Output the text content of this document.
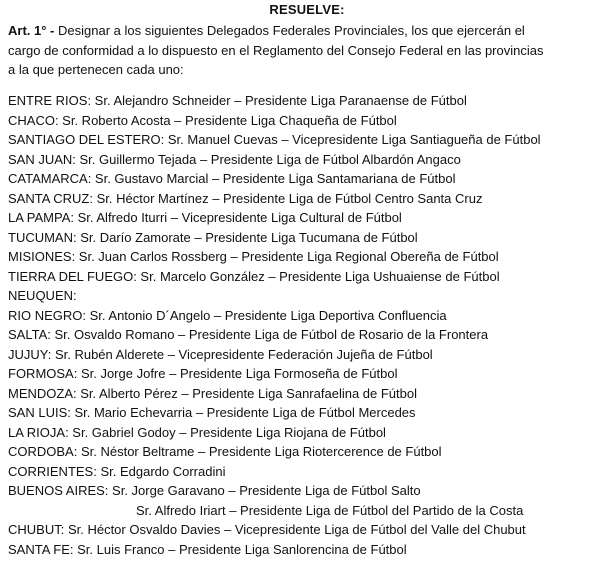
RESUELVE:
Art. 1° - Designar a los siguientes Delegados Federales Provinciales, los que ejercerán el
cargo de conformidad a lo dispuesto en el Reglamento del Consejo Federal en las provincias
a la que pertenecen cada uno:
ENTRE RIOS: Sr. Alejandro Schneider – Presidente Liga Paranaense de Fútbol
CHACO: Sr. Roberto Acosta – Presidente Liga Chaqueña de Fútbol
SANTIAGO DEL ESTERO: Sr. Manuel Cuevas – Vicepresidente Liga Santiagueña de Fútbol
SAN JUAN: Sr. Guillermo Tejada – Presidente Liga de Fútbol Albardón Angaco
CATAMARCA: Sr. Gustavo Marcial – Presidente Liga Santamariana de Fútbol
SANTA CRUZ: Sr. Héctor Martínez – Presidente Liga de Fútbol Centro Santa Cruz
LA PAMPA: Sr. Alfredo Iturri – Vicepresidente Liga Cultural de Fútbol
TUCUMAN: Sr. Darío Zamorate – Presidente Liga Tucumana de Fútbol
MISIONES: Sr. Juan Carlos Rossberg – Presidente Liga Regional Obereña de Fútbol
TIERRA DEL FUEGO: Sr. Marcelo González – Presidente Liga Ushuaiense de Fútbol
NEUQUEN:
RIO NEGRO: Sr. Antonio D´Angelo – Presidente Liga Deportiva Confluencia
SALTA: Sr. Osvaldo Romano – Presidente Liga de Fútbol de Rosario de la Frontera
JUJUY: Sr. Rubén Alderete – Vicepresidente Federación Jujeña de Fútbol
FORMOSA: Sr. Jorge Jofre – Presidente Liga Formoseña de Fútbol
MENDOZA: Sr. Alberto Pérez – Presidente Liga Sanrafaelina de Fútbol
SAN LUIS: Sr. Mario Echevarria – Presidente Liga de Fútbol Mercedes
LA RIOJA: Sr. Gabriel Godoy – Presidente Liga Riojana de Fútbol
CORDOBA: Sr. Néstor Beltrame – Presidente Liga Riotercerence de Fútbol
CORRIENTES: Sr. Edgardo Corradini
BUENOS AIRES: Sr. Jorge Garavano – Presidente Liga de Fútbol Salto
Sr. Alfredo Iriart – Presidente Liga de Fútbol del Partido de la Costa
CHUBUT: Sr. Héctor Osvaldo Davies – Vicepresidente Liga de Fútbol del Valle del Chubut
SANTA FE: Sr. Luis Franco – Presidente Liga Sanlorencina de Fútbol
